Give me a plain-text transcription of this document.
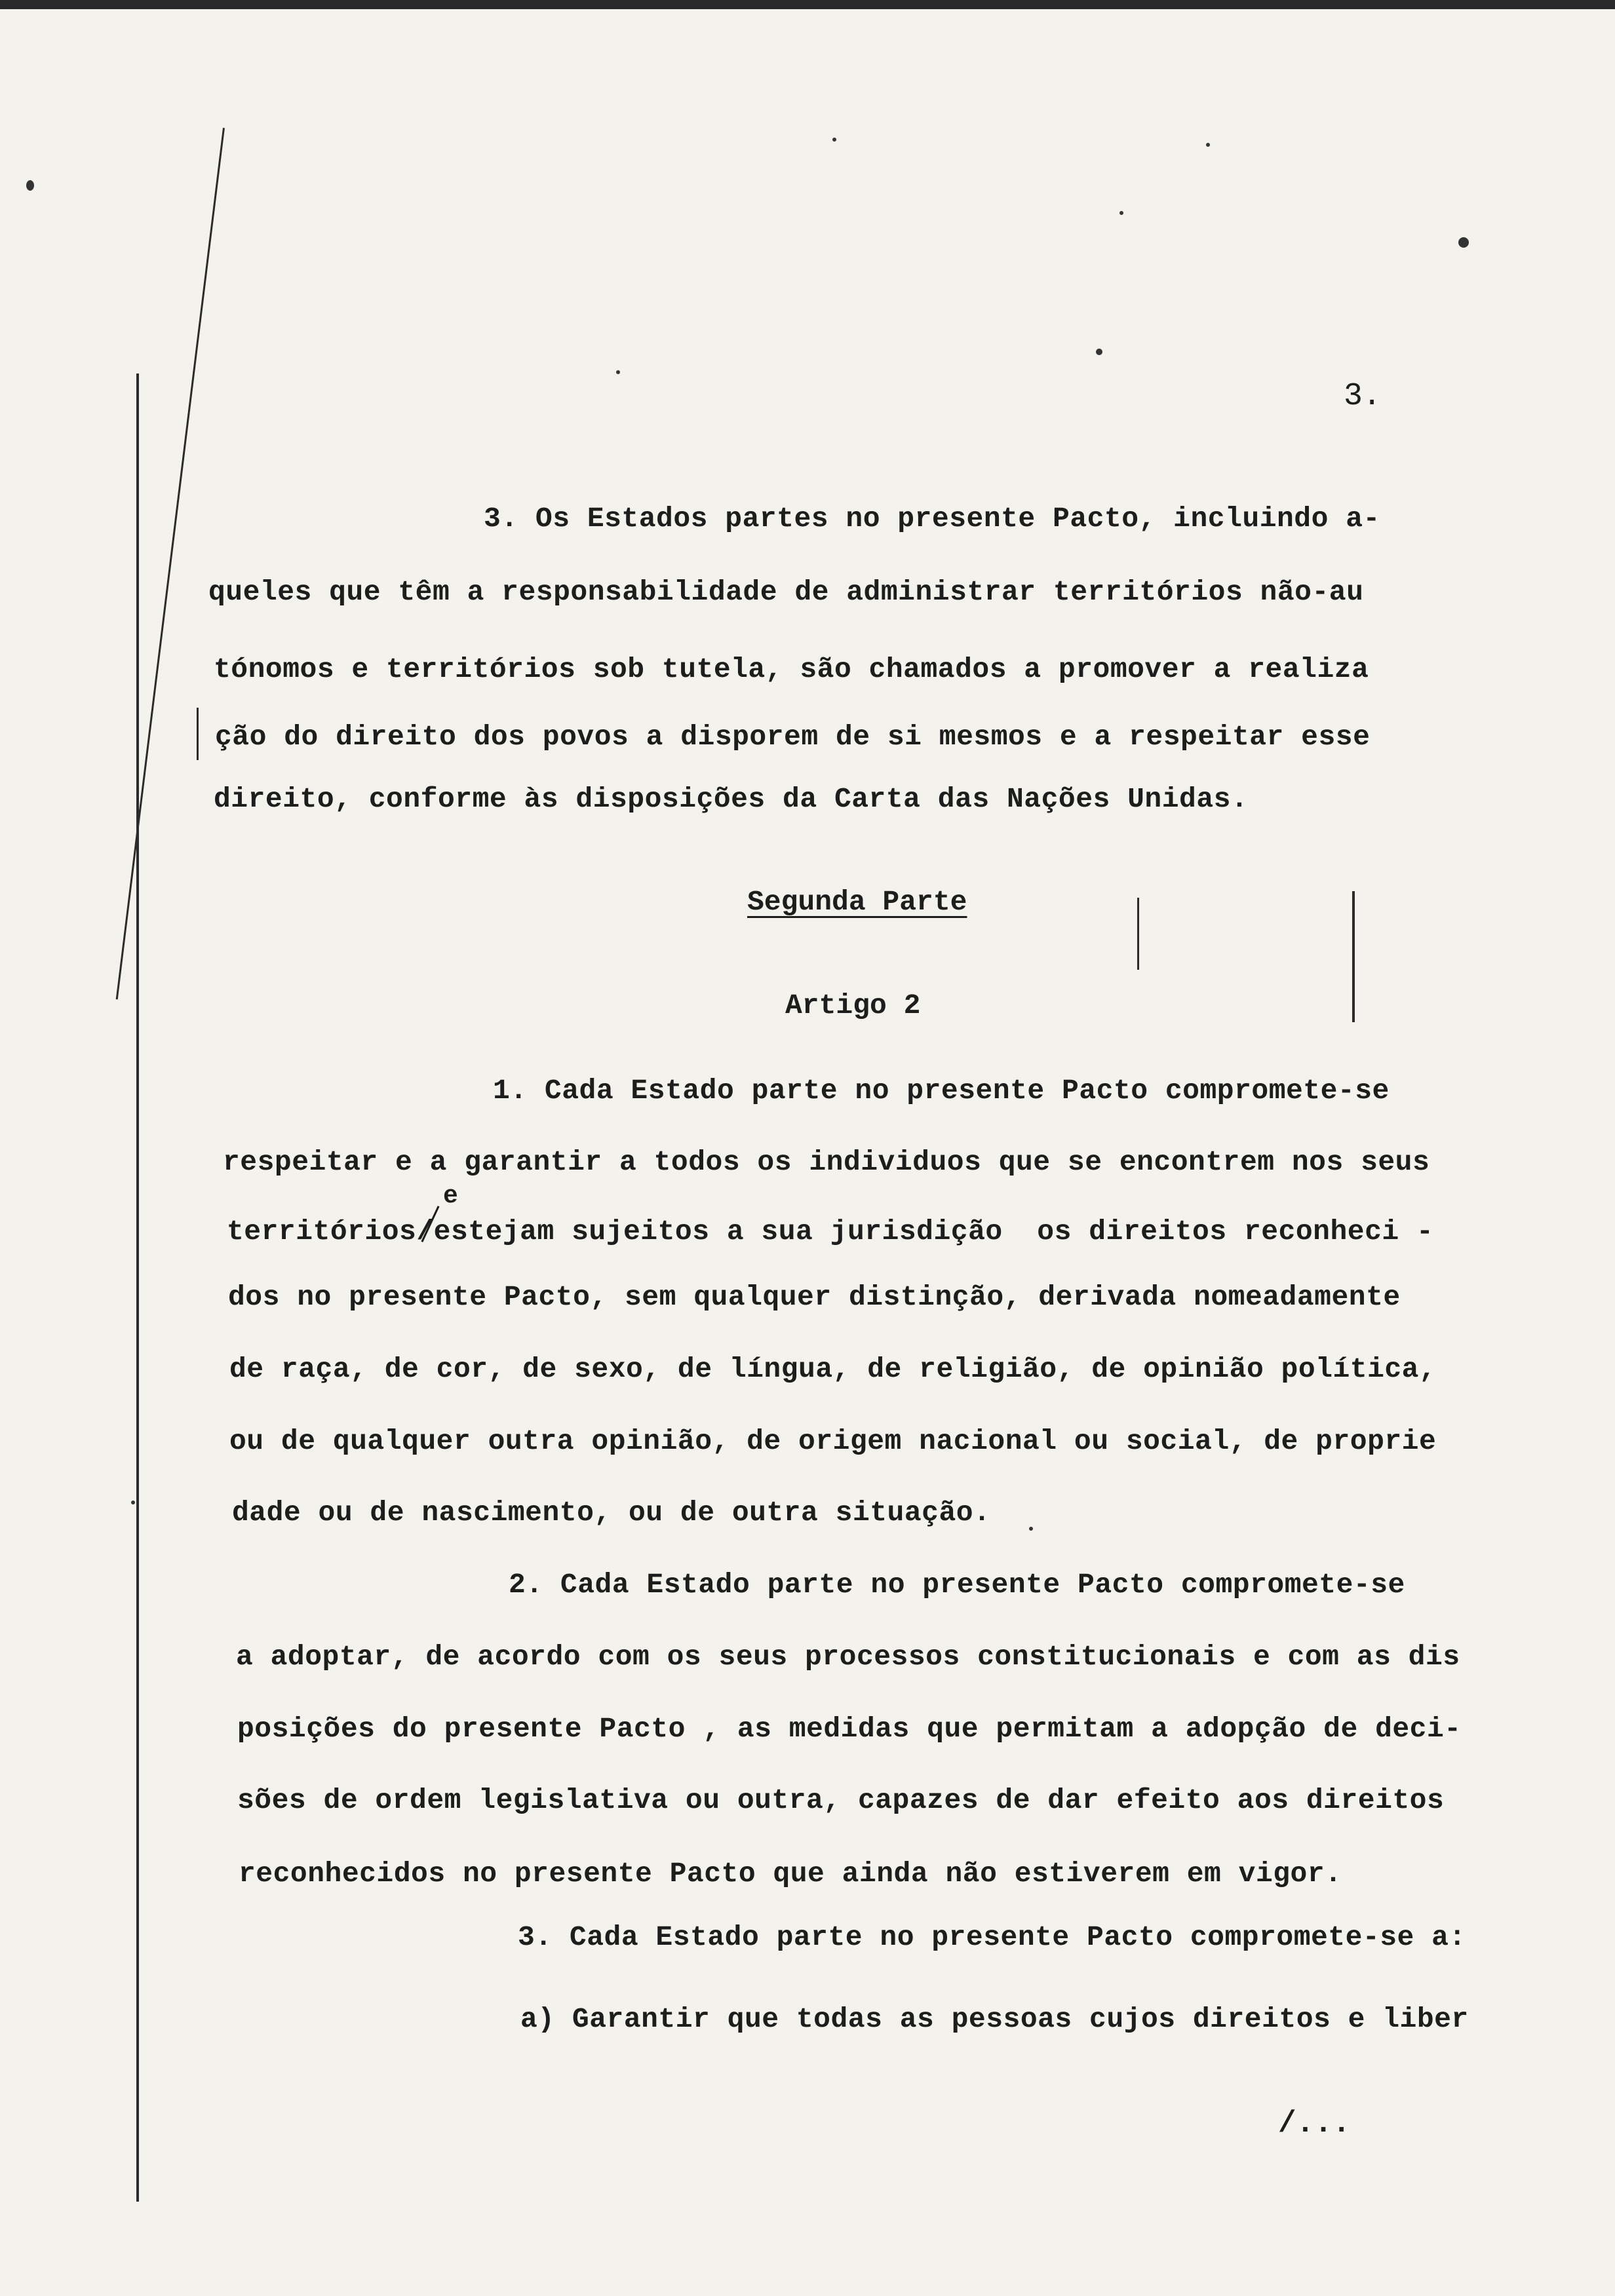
3.
3. Os Estados partes no presente Pacto, incluindo a-
queles que têm a responsabilidade de administrar territórios não-au
tónomos e territórios sob tutela, são chamados a promover a realiza
ção do direito dos povos a disporem de si mesmos e a respeitar esse
direito, conforme às disposições da Carta das Nações Unidas.
Segunda Parte
Artigo 2
1. Cada Estado parte no presente Pacto compromete-se
respeitar e a garantir a todos os individuos que se encontrem nos seus
e
territórios/estejam sujeitos a sua jurisdição  os direitos reconheci -
dos no presente Pacto, sem qualquer distinção, derivada nomeadamente
de raça, de cor, de sexo, de língua, de religião, de opinião política,
ou de qualquer outra opinião, de origem nacional ou social, de proprie
dade ou de nascimento, ou de outra situação.
2. Cada Estado parte no presente Pacto compromete-se
a adoptar, de acordo com os seus processos constitucionais e com as dis
posições do presente Pacto , as medidas que permitam a adopção de deci-
sões de ordem legislativa ou outra, capazes de dar efeito aos direitos
reconhecidos no presente Pacto que ainda não estiverem em vigor.
3. Cada Estado parte no presente Pacto compromete-se a:
a) Garantir que todas as pessoas cujos direitos e liber
/...
